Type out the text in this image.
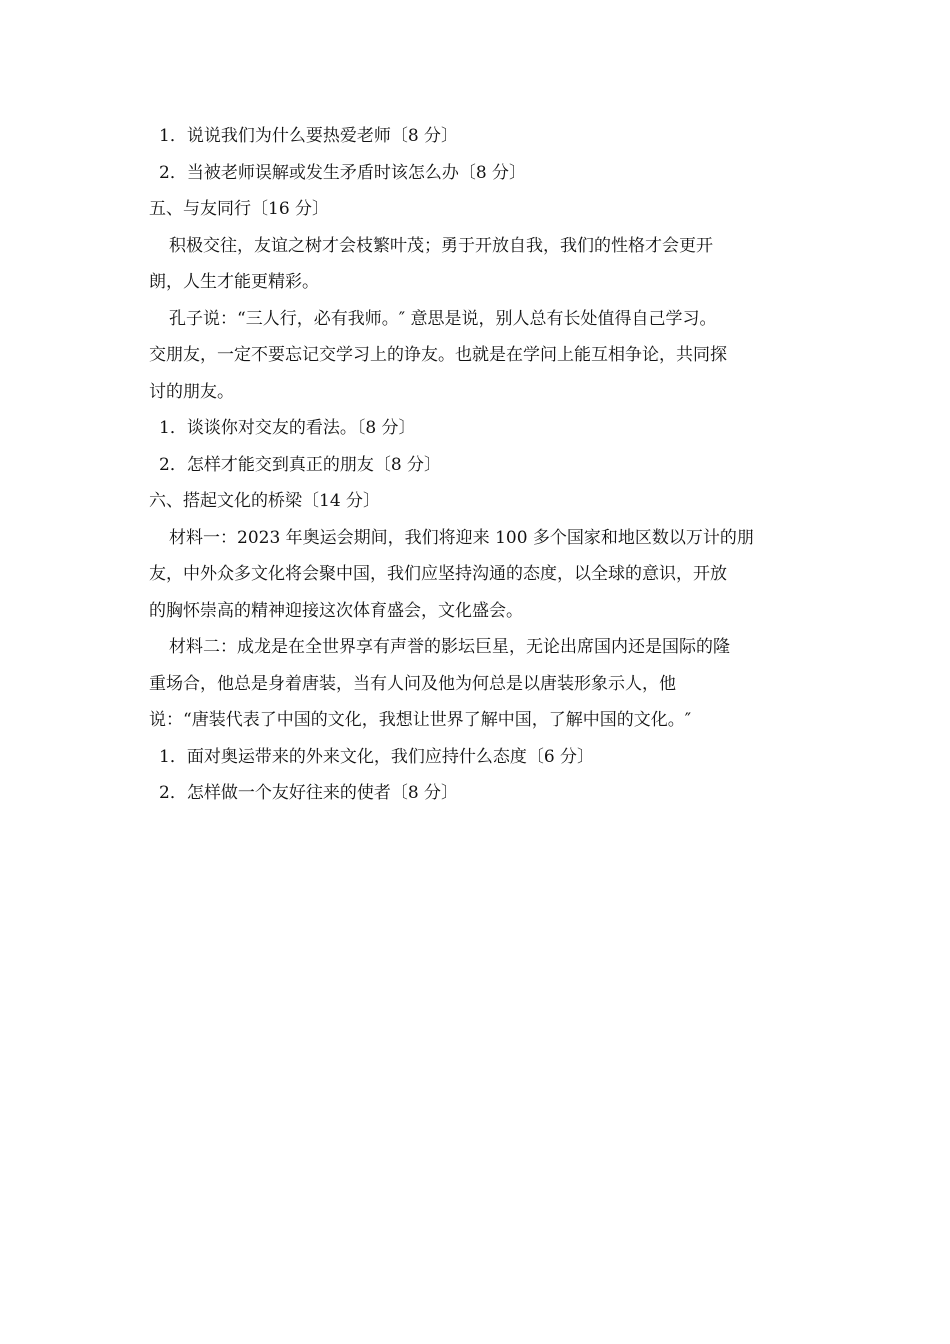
1．说说我们为什么要热爱老师〔8 分〕
2．当被老师误解或发生矛盾时该怎么办〔8 分〕
五、与友同行〔16 分〕
积极交往，友谊之树才会枝繁叶茂；勇于开放自我，我们的性格才会更开
朗，人生才能更精彩。
孔子说：“三人行，必有我师。″ 意思是说，别人总有长处值得自己学习。
交朋友，一定不要忘记交学习上的诤友。也就是在学问上能互相争论，共同探
讨的朋友。
1．谈谈你对交友的看法。〔8 分〕
2．怎样才能交到真正的朋友〔8 分〕
六、搭起文化的桥梁〔14 分〕
材料一：2023 年奥运会期间，我们将迎来 100 多个国家和地区数以万计的朋
友，中外众多文化将会聚中国，我们应坚持沟通的态度，以全球的意识，开放
的胸怀崇高的精神迎接这次体育盛会，文化盛会。
材料二：成龙是在全世界享有声誉的影坛巨星，无论出席国内还是国际的隆
重场合，他总是身着唐装，当有人问及他为何总是以唐装形象示人，他
说：“唐装代表了中国的文化，我想让世界了解中国，了解中国的文化。″
1．面对奥运带来的外来文化，我们应持什么态度〔6 分〕
2．怎样做一个友好往来的使者〔8 分〕
